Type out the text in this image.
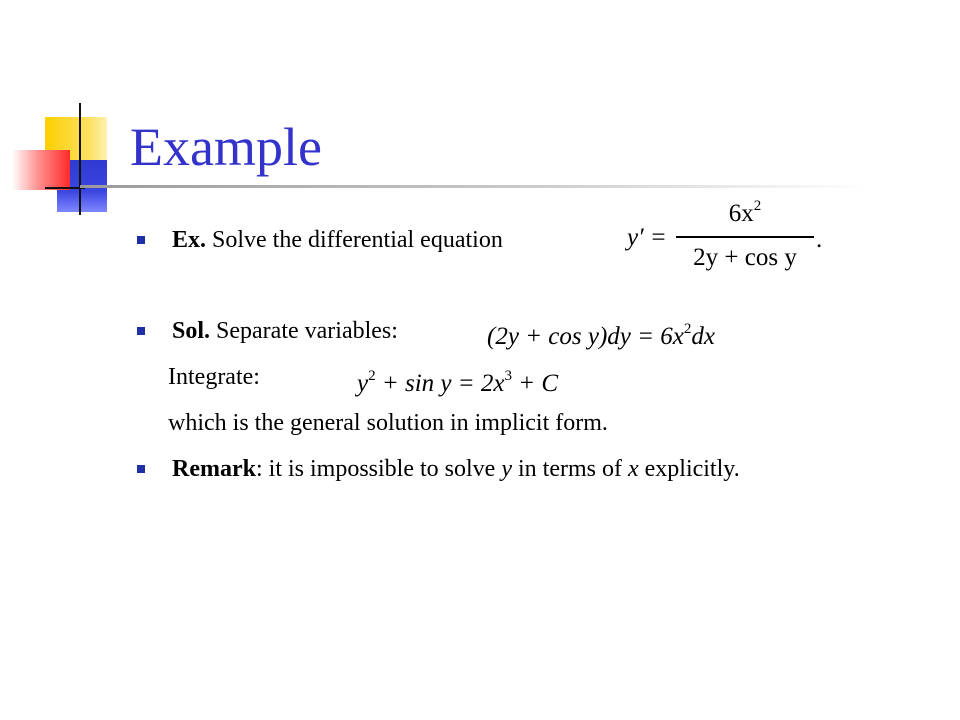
Example
Ex. Solve the differential equation	y′ =
$6x^2$
2y + cos y
.
Sol. Separate variables:	$(2y + \cos y)dy = 6x^2dx$
Integrate:	$y^2 + \sin y = 2x^3 + C$
which is the general solution in implicit form.
Remark: it is impossible to solve y in terms of x explicitly.
